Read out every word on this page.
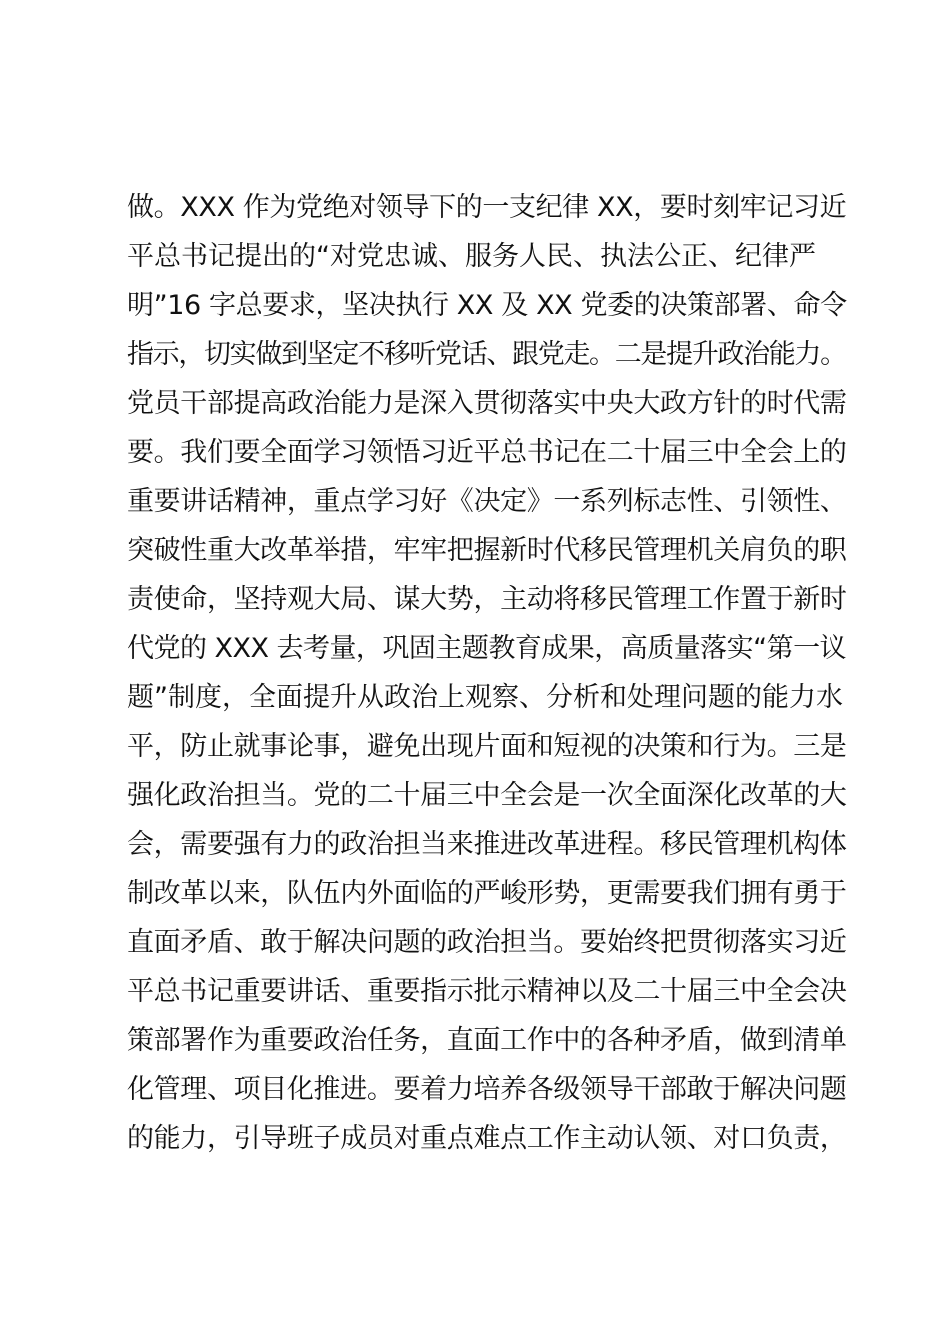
做。XXX 作为党绝对领导下的一支纪律 XX，要时刻牢记习近
平总书记提出的“对党忠诚、服务人民、执法公正、纪律严
明”16 字总要求，坚决执行 XX 及 XX 党委的决策部署、命令
指示，切实做到坚定不移听党话、跟党走。二是提升政治能力。
党员干部提高政治能力是深入贯彻落实中央大政方针的时代需
要。我们要全面学习领悟习近平总书记在二十届三中全会上的
重要讲话精神，重点学习好《决定》一系列标志性、引领性、
突破性重大改革举措，牢牢把握新时代移民管理机关肩负的职
责使命，坚持观大局、谋大势，主动将移民管理工作置于新时
代党的 XXX 去考量，巩固主题教育成果，高质量落实“第一议
题”制度，全面提升从政治上观察、分析和处理问题的能力水
平，防止就事论事，避免出现片面和短视的决策和行为。三是
强化政治担当。党的二十届三中全会是一次全面深化改革的大
会，需要强有力的政治担当来推进改革进程。移民管理机构体
制改革以来，队伍内外面临的严峻形势，更需要我们拥有勇于
直面矛盾、敢于解决问题的政治担当。要始终把贯彻落实习近
平总书记重要讲话、重要指示批示精神以及二十届三中全会决
策部署作为重要政治任务，直面工作中的各种矛盾，做到清单
化管理、项目化推进。要着力培养各级领导干部敢于解决问题
的能力，引导班子成员对重点难点工作主动认领、对口负责，
